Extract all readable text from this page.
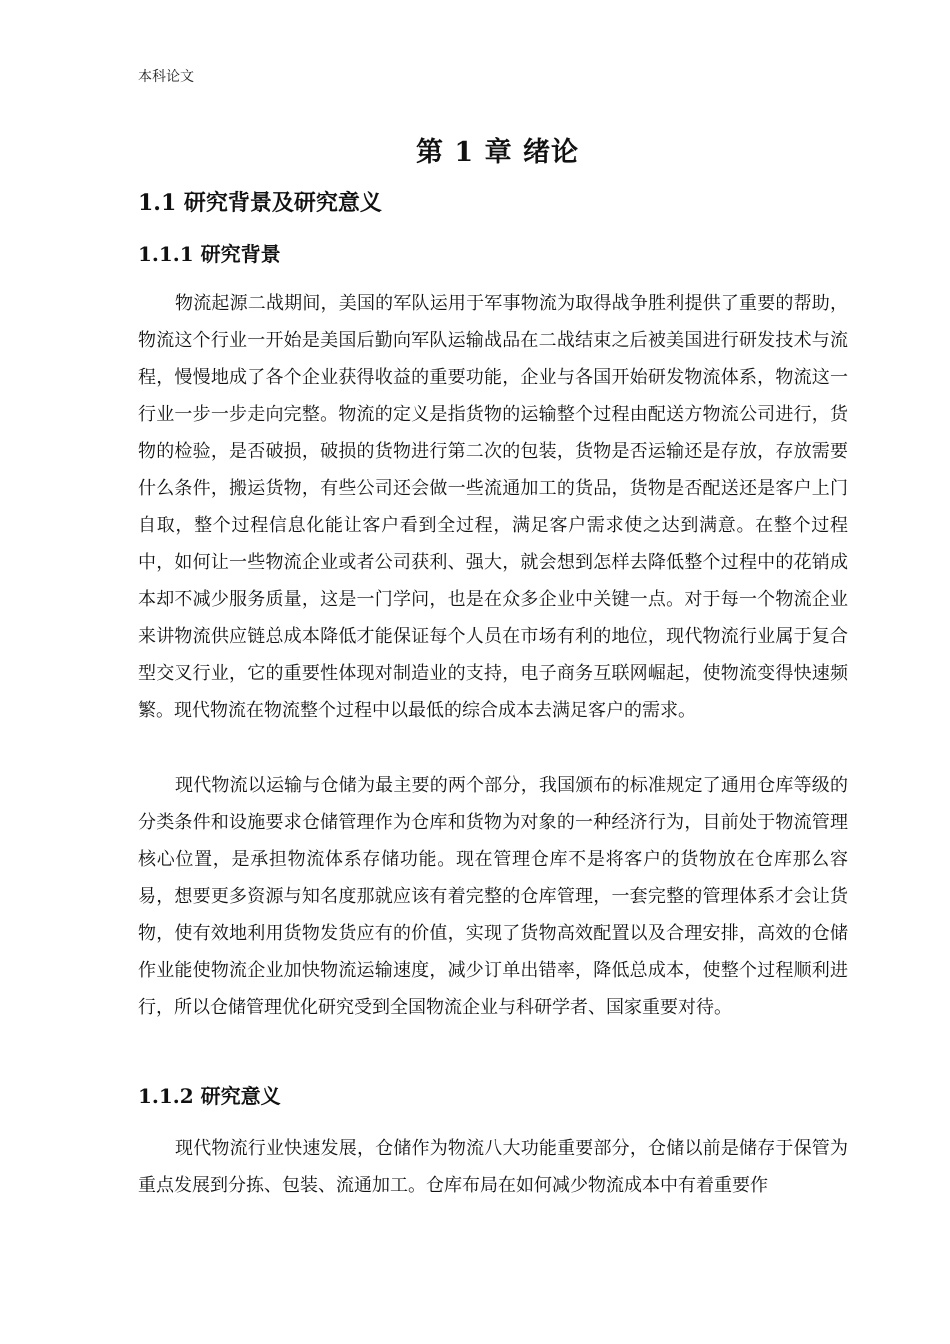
本科论文
第 1 章 绪论
1.1 研究背景及研究意义
1.1.1 研究背景

物流起源二战期间，美国的军队运用于军事物流为取得战争胜利提供了重要的帮助，物流这个行业一开始是美国后勤向军队运输战品在二战结束之后被美国进行研发技术与流程，慢慢地成了各个企业获得收益的重要功能，企业与各国开始研发物流体系，物流这一行业一步一步走向完整。物流的定义是指货物的运输整个过程由配送方物流公司进行，货物的检验，是否破损，破损的货物进行第二次的包装，货物是否运输还是存放，存放需要什么条件，搬运货物，有些公司还会做一些流通加工的货品，货物是否配送还是客户上门自取，整个过程信息化能让客户看到全过程，满足客户需求使之达到满意。在整个过程中，如何让一些物流企业或者公司获利、强大，就会想到怎样去降低整个过程中的花销成本却不减少服务质量，这是一门学问，也是在众多企业中关键一点。对于每一个物流企业来讲物流供应链总成本降低才能保证每个人员在市场有利的地位，现代物流行业属于复合型交叉行业，它的重要性体现对制造业的支持，电子商务互联网崛起，使物流变得快速频繁。现代物流在物流整个过程中以最低的综合成本去满足客户的需求。

现代物流以运输与仓储为最主要的两个部分，我国颁布的标准规定了通用仓库等级的分类条件和设施要求仓储管理作为仓库和货物为对象的一种经济行为，目前处于物流管理核心位置，是承担物流体系存储功能。现在管理仓库不是将客户的货物放在仓库那么容易，想要更多资源与知名度那就应该有着完整的仓库管理，一套完整的管理体系才会让货物，使有效地利用货物发货应有的价值，实现了货物高效配置以及合理安排，高效的仓储作业能使物流企业加快物流运输速度，减少订单出错率，降低总成本，使整个过程顺利进行，所以仓储管理优化研究受到全国物流企业与科研学者、国家重要对待。

1.1.2 研究意义

现代物流行业快速发展，仓储作为物流八大功能重要部分，仓储以前是储存于保管为重点发展到分拣、包装、流通加工。仓库布局在如何减少物流成本中有着重要作
